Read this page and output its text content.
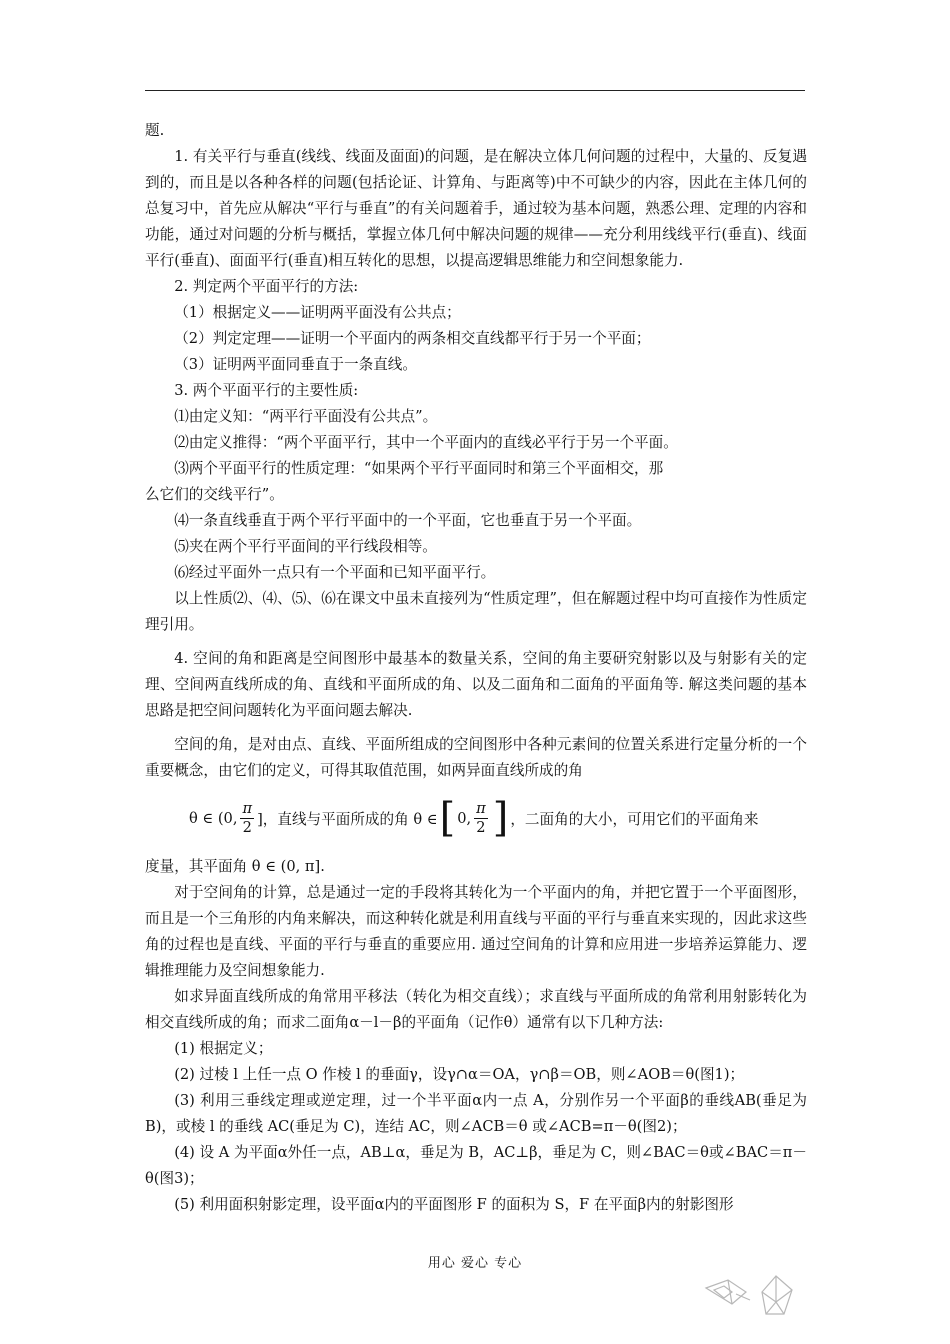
题.

1. 有关平行与垂直(线线、线面及面面)的问题，是在解决立体几何问题的过程中，大量的、反复遇到的，而且是以各种各样的问题(包括论证、计算角、与距离等)中不可缺少的内容，因此在主体几何的总复习中，首先应从解决“平行与垂直”的有关问题着手，通过较为基本问题，熟悉公理、定理的内容和功能，通过对问题的分析与概括，掌握立体几何中解决问题的规律——充分利用线线平行(垂直)、线面平行(垂直)、面面平行(垂直)相互转化的思想，以提高逻辑思维能力和空间想象能力.

2. 判定两个平面平行的方法:

（1）根据定义——证明两平面没有公共点；

（2）判定定理——证明一个平面内的两条相交直线都平行于另一个平面；

（3）证明两平面同垂直于一条直线。

3. 两个平面平行的主要性质:

⑴由定义知：“两平行平面没有公共点”。

⑵由定义推得：“两个平面平行，其中一个平面内的直线必平行于另一个平面。

⑶两个平面平行的性质定理：“如果两个平行平面同时和第三个平面相交，那

么它们的交线平行”。

⑷一条直线垂直于两个平行平面中的一个平面，它也垂直于另一个平面。

⑸夹在两个平行平面间的平行线段相等。

⑹经过平面外一点只有一个平面和已知平面平行。

以上性质⑵、⑷、⑸、⑹在课文中虽未直接列为“性质定理”，但在解题过程中均可直接作为性质定理引用。

4. 空间的角和距离是空间图形中最基本的数量关系，空间的角主要研究射影以及与射影有关的定理、空间两直线所成的角、直线和平面所成的角、以及二面角和二面角的平面角等. 解这类问题的基本思路是把空间问题转化为平面问题去解决.

空间的角，是对由点、直线、平面所组成的空间图形中各种元素间的位置关系进行定量分析的一个重要概念，由它们的定义，可得其取值范围，如两异面直线所成的角

θ ∈ (0, $\frac{\pi}{2}$ ]，直线与平面所成的角 θ ∈ [ 0, $\frac{\pi}{2}$ ] ，二面角的大小，可用它们的平面角来

度量，其平面角 θ ∈ (0, π].

对于空间角的计算，总是通过一定的手段将其转化为一个平面内的角，并把它置于一个平面图形，而且是一个三角形的内角来解决，而这种转化就是利用直线与平面的平行与垂直来实现的，因此求这些角的过程也是直线、平面的平行与垂直的重要应用. 通过空间角的计算和应用进一步培养运算能力、逻辑推理能力及空间想象能力.

如求异面直线所成的角常用平移法（转化为相交直线）；求直线与平面所成的角常利用射影转化为相交直线所成的角；而求二面角α－l－β的平面角（记作θ）通常有以下几种方法:

(1) 根据定义；

(2) 过棱 l 上任一点 O 作棱 l 的垂面γ，设γ∩α＝OA，γ∩β＝OB，则∠AOB＝θ(图1)；

(3) 利用三垂线定理或逆定理，过一个半平面α内一点 A，分别作另一个平面β的垂线AB(垂足为 B)，或棱 l 的垂线 AC(垂足为 C)，连结 AC，则∠ACB＝θ 或∠ACB=π－θ(图2)；

(4) 设 A 为平面α外任一点，AB⊥α，垂足为 B，AC⊥β，垂足为 C，则∠BAC＝θ或∠BAC＝π－θ(图3)；

(5) 利用面积射影定理，设平面α内的平面图形 F 的面积为 S，F 在平面β内的射影图形

用心 爱心 专心
